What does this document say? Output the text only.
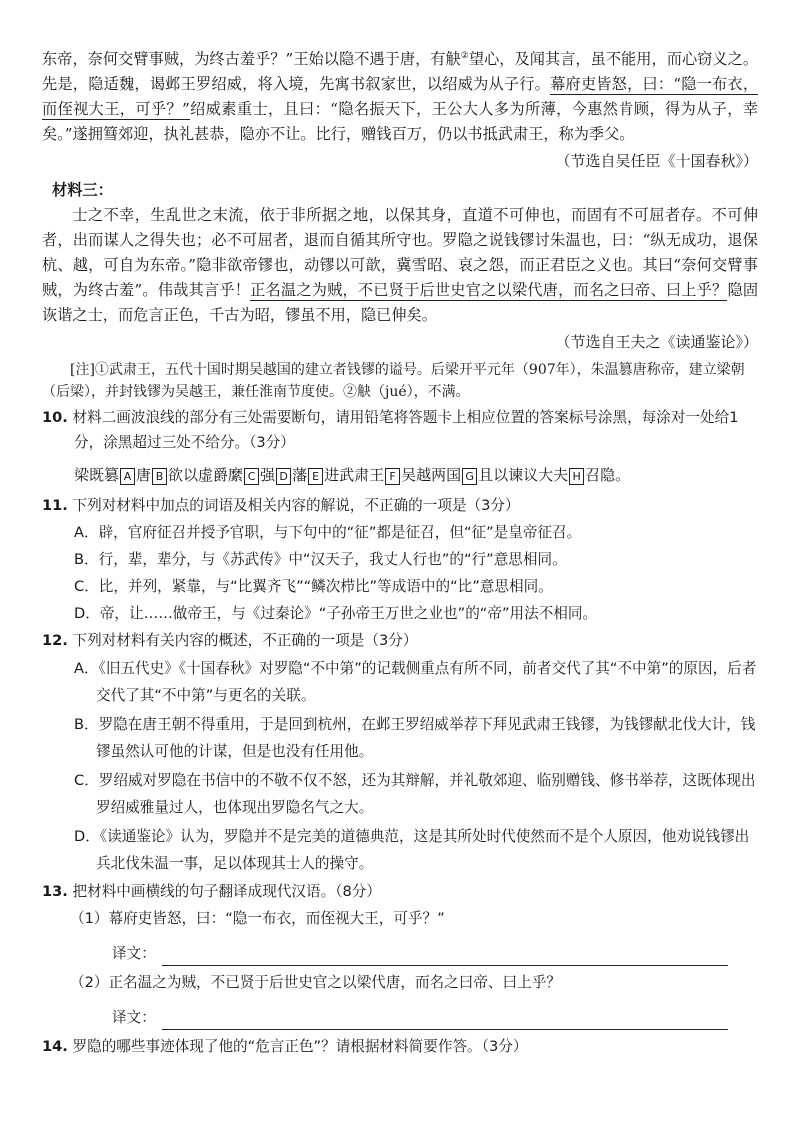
东帝，奈何交臂事贼，为终古羞乎？”王始以隐不遇于唐，有觖②望心，及闻其言，虽不能用，而心窃义之。先是，隐适魏，谒邺王罗绍威，将入境，先寓书叙家世，以绍威为从子行。幕府吏皆怒，曰：“隐一布衣，而侄视大王，可乎？”绍威素重士，且曰：“隐名振天下，王公大人多为所薄，今惠然肯顾，得为从子，幸矣。”遂拥篲郊迎，执礼甚恭，隐亦不让。比行，赠钱百万，仍以书抵武肃王，称为季父。

（节选自吴任臣《十国春秋》）

材料三：

士之不幸，生乱世之末流，依于非所据之地，以保其身，直道不可伸也，而固有不可屈者存。不可伸者，出而谋人之得失也；必不可屈者，退而自循其所守也。罗隐之说钱镠讨朱温也，曰：“纵无成功，退保杭、越，可自为东帝。”隐非欲帝镠也，动镠以可歆，冀雪昭、哀之怨，而正君臣之义也。其曰“奈何交臂事贼，为终古羞”。伟哉其言乎！正名温之为贼，不已贤于后世史官之以梁代唐，而名之曰帝、曰上乎？隐固诙谐之士，而危言正色，千古为昭，镠虽不用，隐已伸矣。

（节选自王夫之《读通鉴论》）

[注]①武肃王，五代十国时期吴越国的建立者钱镠的谥号。后梁开平元年（907年），朱温篡唐称帝，建立梁朝（后梁），并封钱镠为吴越王，兼任淮南节度使。②觖（jué），不满。

10. 材料二画波浪线的部分有三处需要断句，请用铅笔将答题卡上相应位置的答案标号涂黑，每涂对一处给1分，涂黑超过三处不给分。（3分）
梁既篡 A 唐 B 欲以虚爵縻 C 强 D 藩 E 进武肃王 F 吴越两国 G 且以谏议大夫 H 召隐。
11. 下列对材料中加点的词语及相关内容的解说，不正确的一项是（3分）
A．辟，官府征召并授予官职，与下句中的“征”都是征召，但“征”是皇帝征召。
B．行，辈，辈分，与《苏武传》中“汉天子，我丈人行也”的“行”意思相同。
C．比，并列，紧靠，与“比翼齐飞”“鳞次栉比”等成语中的“比”意思相同。
D．帝，让……做帝王，与《过秦论》“子孙帝王万世之业也”的“帝”用法不相同。
12. 下列对材料有关内容的概述，不正确的一项是（3分）
A．《旧五代史》《十国春秋》对罗隐“不中第”的记载侧重点有所不同，前者交代了其“不中第”的原因，后者交代了其“不中第”与更名的关联。
B．罗隐在唐王朝不得重用，于是回到杭州，在邺王罗绍威举荐下拜见武肃王钱镠，为钱镠献北伐大计，钱镠虽然认可他的计谋，但是也没有任用他。
C．罗绍威对罗隐在书信中的不敬不仅不怒，还为其辩解，并礼敬郊迎、临别赠钱、修书举荐，这既体现出罗绍威雅量过人，也体现出罗隐名气之大。
D．《读通鉴论》认为，罗隐并不是完美的道德典范，这是其所处时代使然而不是个人原因，他劝说钱镠出兵北伐朱温一事，足以体现其士人的操守。
13. 把材料中画横线的句子翻译成现代汉语。（8分）
（1）幕府吏皆怒，曰：“隐一布衣，而侄视大王，可乎？”
译文：
（2）正名温之为贼，不已贤于后世史官之以梁代唐，而名之曰帝、曰上乎？
译文：
14. 罗隐的哪些事迹体现了他的“危言正色”？请根据材料简要作答。（3分）
